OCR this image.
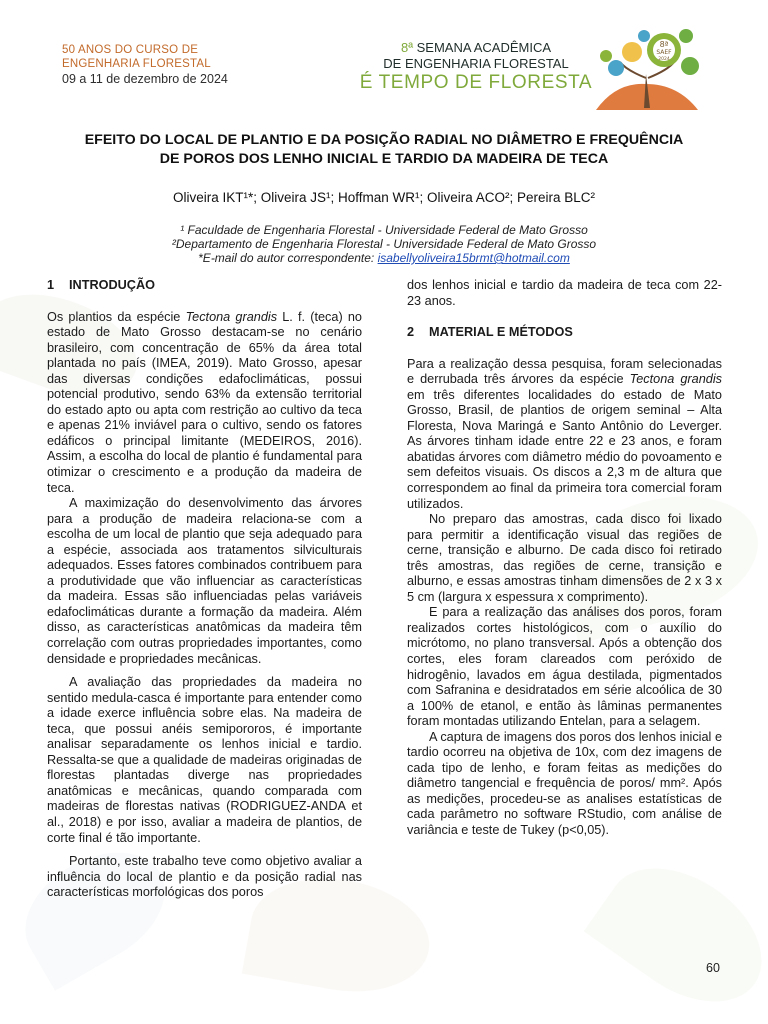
50 ANOS DO CURSO DE
ENGENHARIA FLORESTAL
09 a 11 de dezembro de 2024
8ª SEMANA ACADÊMICA
DE ENGENHARIA FLORESTAL
É TEMPO DE FLORESTA
8ª
SAEF
2024
EFEITO DO LOCAL DE PLANTIO E DA POSIÇÃO RADIAL NO DIÂMETRO E FREQUÊNCIA
DE POROS DOS LENHO INICIAL E TARDIO DA MADEIRA DE TECA
Oliveira IKT¹*; Oliveira JS¹; Hoffman WR¹; Oliveira ACO²; Pereira BLC²
¹ Faculdade de Engenharia Florestal - Universidade Federal de Mato Grosso
²Departamento de Engenharia Florestal - Universidade Federal de Mato Grosso
*E-mail do autor correspondente: isabellyoliveira15brmt@hotmail.com
1 INTRODUÇÃO

Os plantios da espécie Tectona grandis L. f. (teca) no estado de Mato Grosso destacam-se no cenário brasileiro, com concentração de 65% da área total plantada no país (IMEA, 2019). Mato Grosso, apesar das diversas condições edafoclimáticas, possui potencial produtivo, sendo 63% da extensão territorial do estado apto ou apta com restrição ao cultivo da teca e apenas 21% inviável para o cultivo, sendo os fatores edáficos o principal limitante (MEDEIROS, 2016). Assim, a escolha do local de plantio é fundamental para otimizar o crescimento e a produção da madeira de teca.

A maximização do desenvolvimento das árvores para a produção de madeira relaciona-se com a escolha de um local de plantio que seja adequado para a espécie, associada aos tratamentos silviculturais adequados. Esses fatores combinados contribuem para a produtividade que vão influenciar as características da madeira. Essas são influenciadas pelas variáveis edafoclimáticas durante a formação da madeira. Além disso, as características anatômicas da madeira têm correlação com outras propriedades importantes, como densidade e propriedades mecânicas.

A avaliação das propriedades da madeira no sentido medula-casca é importante para entender como a idade exerce influência sobre elas. Na madeira de teca, que possui anéis semipororos, é importante analisar separadamente os lenhos inicial e tardio. Ressalta-se que a qualidade de madeiras originadas de florestas plantadas diverge nas propriedades anatômicas e mecânicas, quando comparada com madeiras de florestas nativas (RODRIGUEZ-ANDA et al., 2018) e por isso, avaliar a madeira de plantios, de corte final é tão importante.

Portanto, este trabalho teve como objetivo avaliar a influência do local de plantio e da posição radial nas características morfológicas dos poros

dos lenhos inicial e tardio da madeira de teca com 22-23 anos.

2 MATERIAL E MÉTODOS

Para a realização dessa pesquisa, foram selecionadas e derrubada três árvores da espécie Tectona grandis em três diferentes localidades do estado de Mato Grosso, Brasil, de plantios de origem seminal – Alta Floresta, Nova Maringá e Santo Antônio do Leverger. As árvores tinham idade entre 22 e 23 anos, e foram abatidas árvores com diâmetro médio do povoamento e sem defeitos visuais. Os discos a 2,3 m de altura que correspondem ao final da primeira tora comercial foram utilizados.

No preparo das amostras, cada disco foi lixado para permitir a identificação visual das regiões de cerne, transição e alburno. De cada disco foi retirado três amostras, das regiões de cerne, transição e alburno, e essas amostras tinham dimensões de 2 x 3 x 5 cm (largura x espessura x comprimento).

E para a realização das análises dos poros, foram realizados cortes histológicos, com o auxílio do micrótomo, no plano transversal. Após a obtenção dos cortes, eles foram clareados com peróxido de hidrogênio, lavados em água destilada, pigmentados com Safranina e desidratados em série alcoólica de 30 a 100% de etanol, e então às lâminas permanentes foram montadas utilizando Entelan, para a selagem.

A captura de imagens dos poros dos lenhos inicial e tardio ocorreu na objetiva de 10x, com dez imagens de cada tipo de lenho, e foram feitas as medições do diâmetro tangencial e frequência de poros/ mm². Após as medições, procedeu-se as analises estatísticas de cada parâmetro no software RStudio, com análise de variância e teste de Tukey (p<0,05).

60
